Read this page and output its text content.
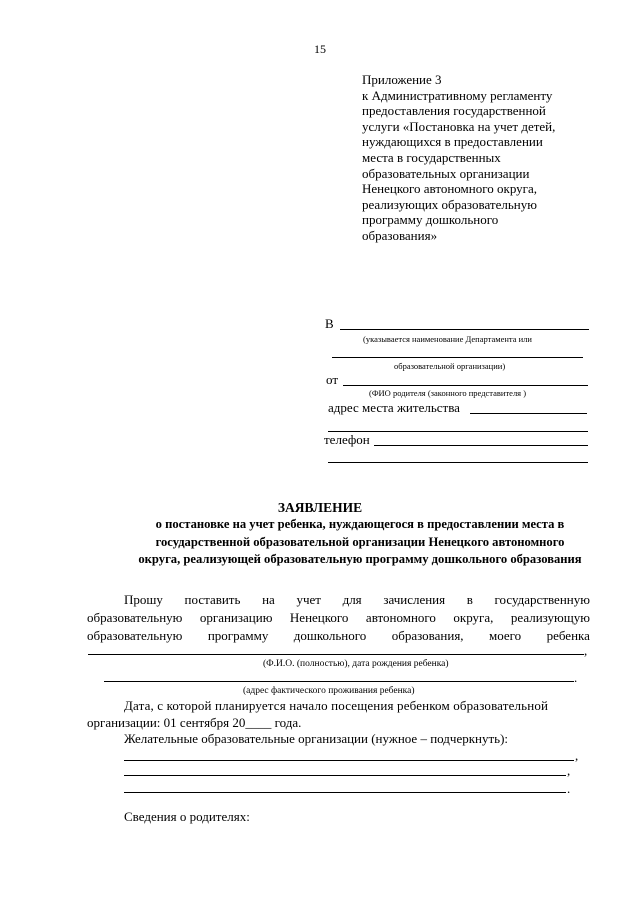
15
Приложение 3
к Административному регламенту
предоставления государственной
услуги «Постановка на учет детей,
нуждающихся в предоставлении
места в государственных
образовательных организации
Ненецкого автономного округа,
реализующих образовательную
программу дошкольного
образования»
В
(указывается наименование Департамента или
образовательной организации)
от
(ФИО родителя (законного представителя )
адрес места жительства
телефон
ЗАЯВЛЕНИЕ
о постановке на учет ребенка, нуждающегося в предоставлении места в
государственной образовательной организации Ненецкого автономного
округа, реализующей образовательную программу дошкольного образования
Прошу поставить на учет для зачисления в государственную
образовательную организацию Ненецкого автономного округа, реализующую
образовательную программу дошкольного образования, моего ребенка
,
(Ф.И.О. (полностью), дата рождения ребенка)
.
(адрес фактического проживания ребенка)
Дата, с которой планируется начало посещения ребенком образовательной
организации: 01 сентября 20____ года.
Желательные образовательные организации (нужное – подчеркнуть):
,
,
.
Сведения о родителях:
